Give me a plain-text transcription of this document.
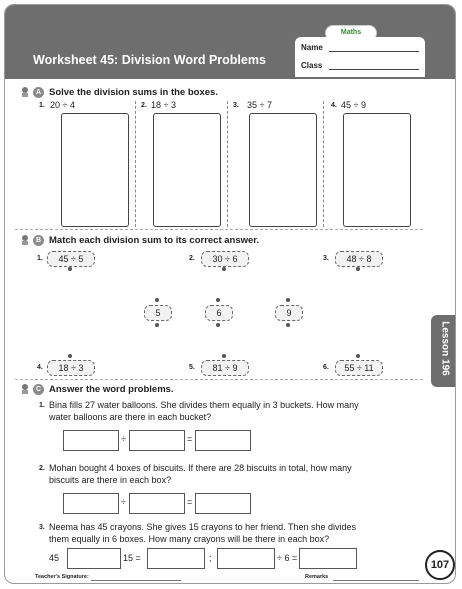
Worksheet 45: Division Word Problems
Maths
Name
Class
A Solve the division sums in the boxes.
1. 20 ÷ 4	2. 18 ÷ 3	3. 35 ÷ 7	4. 45 ÷ 9
B Match each division sum to its correct answer.
1.	45 ÷ 5	2.	30 ÷ 6	3.	48 ÷ 8
5	6	9
4.	18 ÷ 3	5.	81 ÷ 9	6.	55 ÷ 11	Lesson 196
C Answer the word problems.
1. Bina fills 27 water balloons. She divides them equally in 3 buckets. How many
water balloons are there in each bucket?
÷	=
2. Mohan bought 4 boxes of biscuits. If there are 28 biscuits in total, how many
biscuits are there in each box?
÷	=
3. Neema has 45 crayons. She gives 15 crayons to her friend. Then she divides
them equally in 6 boxes. How many crayons will be there in each box?
45	15 =	;	÷ 6 =
107
Teacher's Signature:	Remarks
